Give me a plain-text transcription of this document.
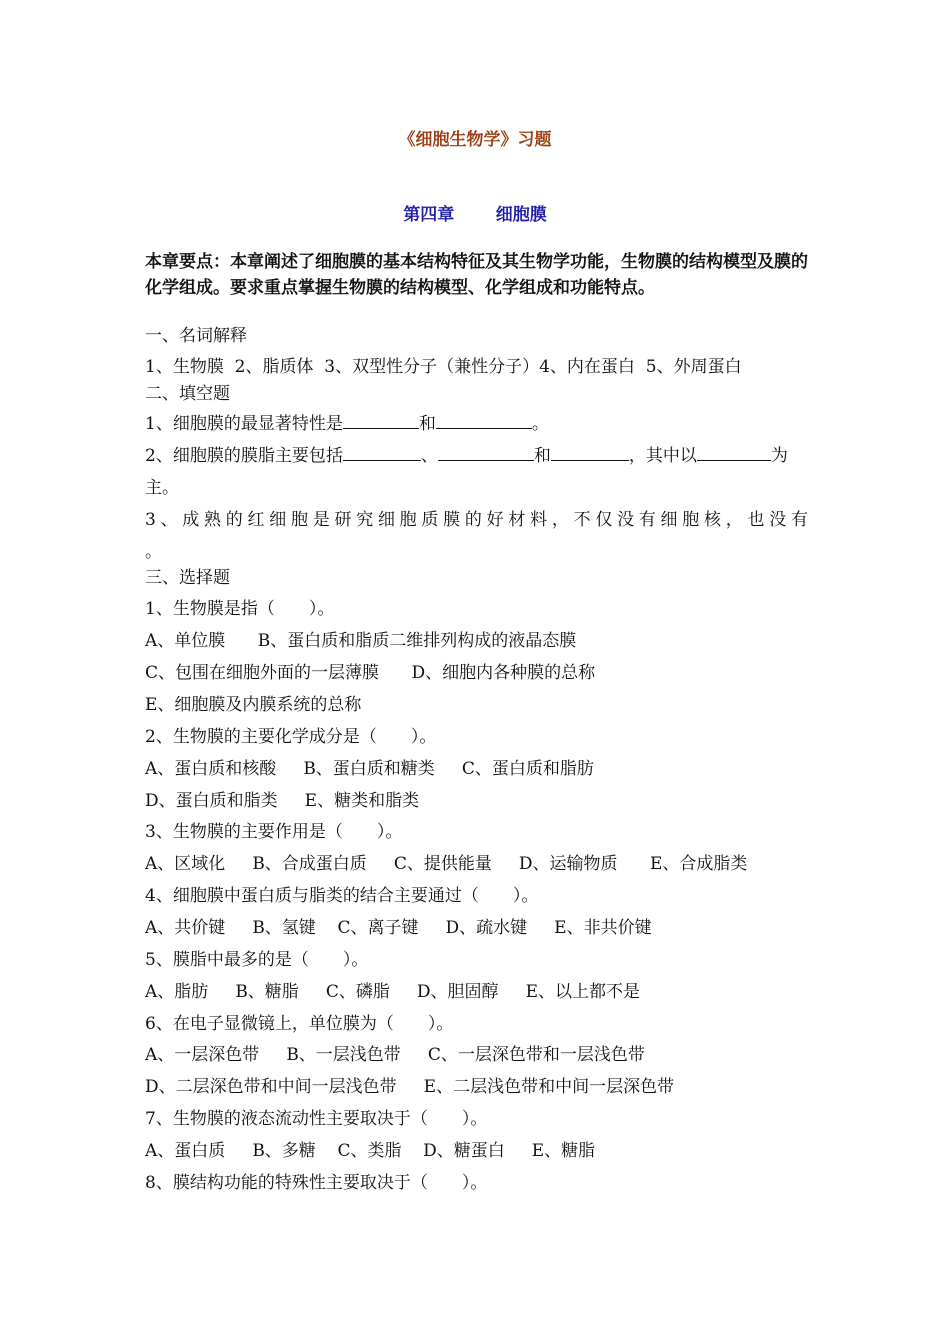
《细胞生物学》习题
第四章 细胞膜

本章要点：本章阐述了细胞膜的基本结构特征及其生物学功能，生物膜的结构模型及膜的化学组成。要求重点掌握生物膜的结构模型、化学组成和功能特点。

一、名词解释
1、生物膜 2、脂质体 3、双型性分子（兼性分子）4、内在蛋白 5、外周蛋白
二、填空题
1、细胞膜的最显著特性是	和	。
2、细胞膜的膜脂主要包括	、	和	，其中以	为
主。
3、成熟的红细胞是研究细胞质膜的好材料，不仅没有细胞核，也没有
。
三、选择题
1、生物膜是指（　　）。
A、单位膜 B、蛋白质和脂质二维排列构成的液晶态膜
C、包围在细胞外面的一层薄膜 D、细胞内各种膜的总称
E、细胞膜及内膜系统的总称
2、生物膜的主要化学成分是（　　）。
A、蛋白质和核酸 B、蛋白质和糖类 C、蛋白质和脂肪
D、蛋白质和脂类 E、糖类和脂类
3、生物膜的主要作用是（　　）。
A、区域化 B、合成蛋白质 C、提供能量 D、运输物质 E、合成脂类
4、细胞膜中蛋白质与脂类的结合主要通过（　　）。
A、共价键 B、氢键 C、离子键 D、疏水键 E、非共价键
5、膜脂中最多的是（　　）。
A、脂肪 B、糖脂 C、磷脂 D、胆固醇 E、以上都不是
6、在电子显微镜上，单位膜为（　　）。
A、一层深色带 B、一层浅色带 C、一层深色带和一层浅色带
D、二层深色带和中间一层浅色带 E、二层浅色带和中间一层深色带
7、生物膜的液态流动性主要取决于（　　）。
A、蛋白质 B、多糖 C、类脂 D、糖蛋白 E、糖脂
8、膜结构功能的特殊性主要取决于（　　）。
